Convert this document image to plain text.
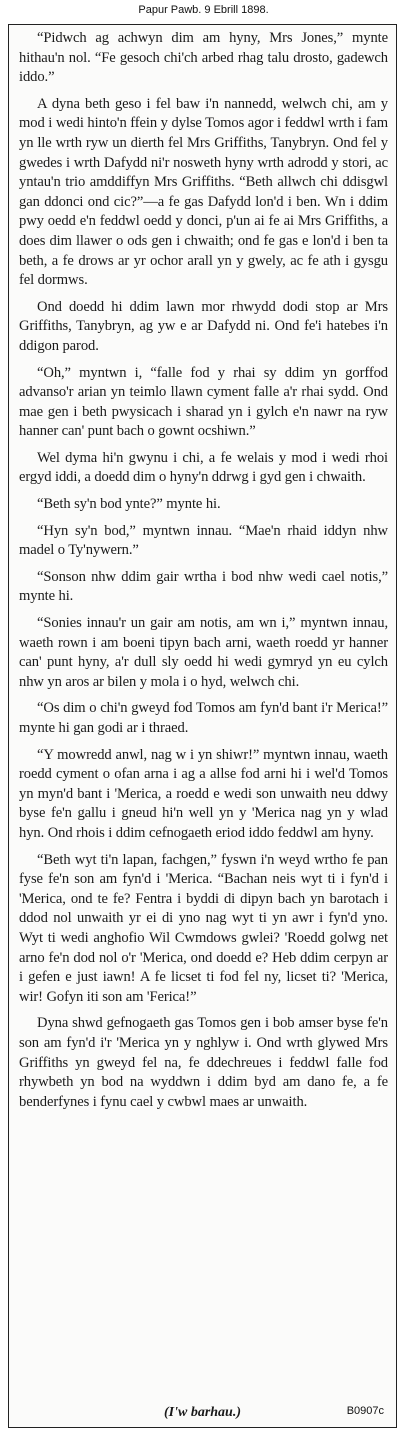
Papur Pawb. 9 Ebrill 1898.

“Pidwch ag achwyn dim am hyny, Mrs Jones,” mynte hithau'n nol. “Fe gesoch chi'ch arbed rhag talu drosto, gadewch iddo.”

A dyna beth geso i fel baw i'n nannedd, welwch chi, am y mod i wedi hinto'n ffein y dylse Tomos agor i feddwl wrth i fam yn lle wrth ryw un dierth fel Mrs Griffiths, Tanybryn. Ond fel y gwedes i wrth Dafydd ni'r nosweth hyny wrth adrodd y stori, ac yntau'n trio amddiffyn Mrs Griffiths. “Beth allwch chi ddisgwl gan ddonci ond cic?”—a fe gas Dafydd lon'd i ben. Wn i ddim pwy oedd e'n feddwl oedd y donci, p'un ai fe ai Mrs Griffiths, a does dim llawer o ods gen i chwaith; ond fe gas e lon'd i ben ta beth, a fe drows ar yr ochor arall yn y gwely, ac fe ath i gysgu fel dormws.

Ond doedd hi ddim lawn mor rhwydd dodi stop ar Mrs Griffiths, Tanybryn, ag yw e ar Dafydd ni. Ond fe'i hatebes i'n ddigon parod.

“Oh,” myntwn i, “falle fod y rhai sy ddim yn gorffod advanso'r arian yn teimlo llawn cyment falle a'r rhai sydd. Ond mae gen i beth pwysicach i sharad yn i gylch e'n nawr na ryw hanner can' punt bach o gownt ocshiwn.”

Wel dyma hi'n gwynu i chi, a fe welais y mod i wedi rhoi ergyd iddi, a doedd dim o hyny'n ddrwg i gyd gen i chwaith.

“Beth sy'n bod ynte?” mynte hi.

“Hyn sy'n bod,” myntwn innau. “Mae'n rhaid iddyn nhw madel o Ty'nywern.”

“Sonson nhw ddim gair wrtha i bod nhw wedi cael notis,” mynte hi.

“Sonies innau'r un gair am notis, am wn i,” myntwn innau, waeth rown i am boeni tipyn bach arni, waeth roedd yr hanner can' punt hyny, a'r dull sly oedd hi wedi gymryd yn eu cylch nhw yn aros ar bilen y mola i o hyd, welwch chi.

“Os dim o chi'n gweyd fod Tomos am fyn'd bant i'r Merica!” mynte hi gan godi ar i thraed.

“Y mowredd anwl, nag w i yn shiwr!” myntwn innau, waeth roedd cyment o ofan arna i ag a allse fod arni hi i wel'd Tomos yn myn'd bant i 'Merica, a roedd e wedi son unwaith neu ddwy byse fe'n gallu i gneud hi'n well yn y 'Merica nag yn y wlad hyn. Ond rhois i ddim cefnogaeth eriod iddo feddwl am hyny.

“Beth wyt ti'n lapan, fachgen,” fyswn i'n weyd wrtho fe pan fyse fe'n son am fyn'd i 'Merica. “Bachan neis wyt ti i fyn'd i 'Merica, ond te fe? Fentra i byddi di dipyn bach yn barotach i ddod nol unwaith yr ei di yno nag wyt ti yn awr i fyn'd yno. Wyt ti wedi anghofio Wil Cwmdows gwlei? 'Roedd golwg net arno fe'n dod nol o'r 'Merica, ond doedd e? Heb ddim cerpyn ar i gefen e just iawn! A fe licset ti fod fel ny, licset ti? 'Merica, wir! Gofyn iti son am 'Ferica!”

Dyna shwd gefnogaeth gas Tomos gen i bob amser byse fe'n son am fyn'd i'r 'Merica yn y nghlyw i. Ond wrth glywed Mrs Griffiths yn gweyd fel na, fe ddechreues i feddwl falle fod rhywbeth yn bod na wyddwn i ddim byd am dano fe, a fe benderfynes i fynu cael y cwbwl maes ar unwaith.

(I'w barhau.)	B0907c
